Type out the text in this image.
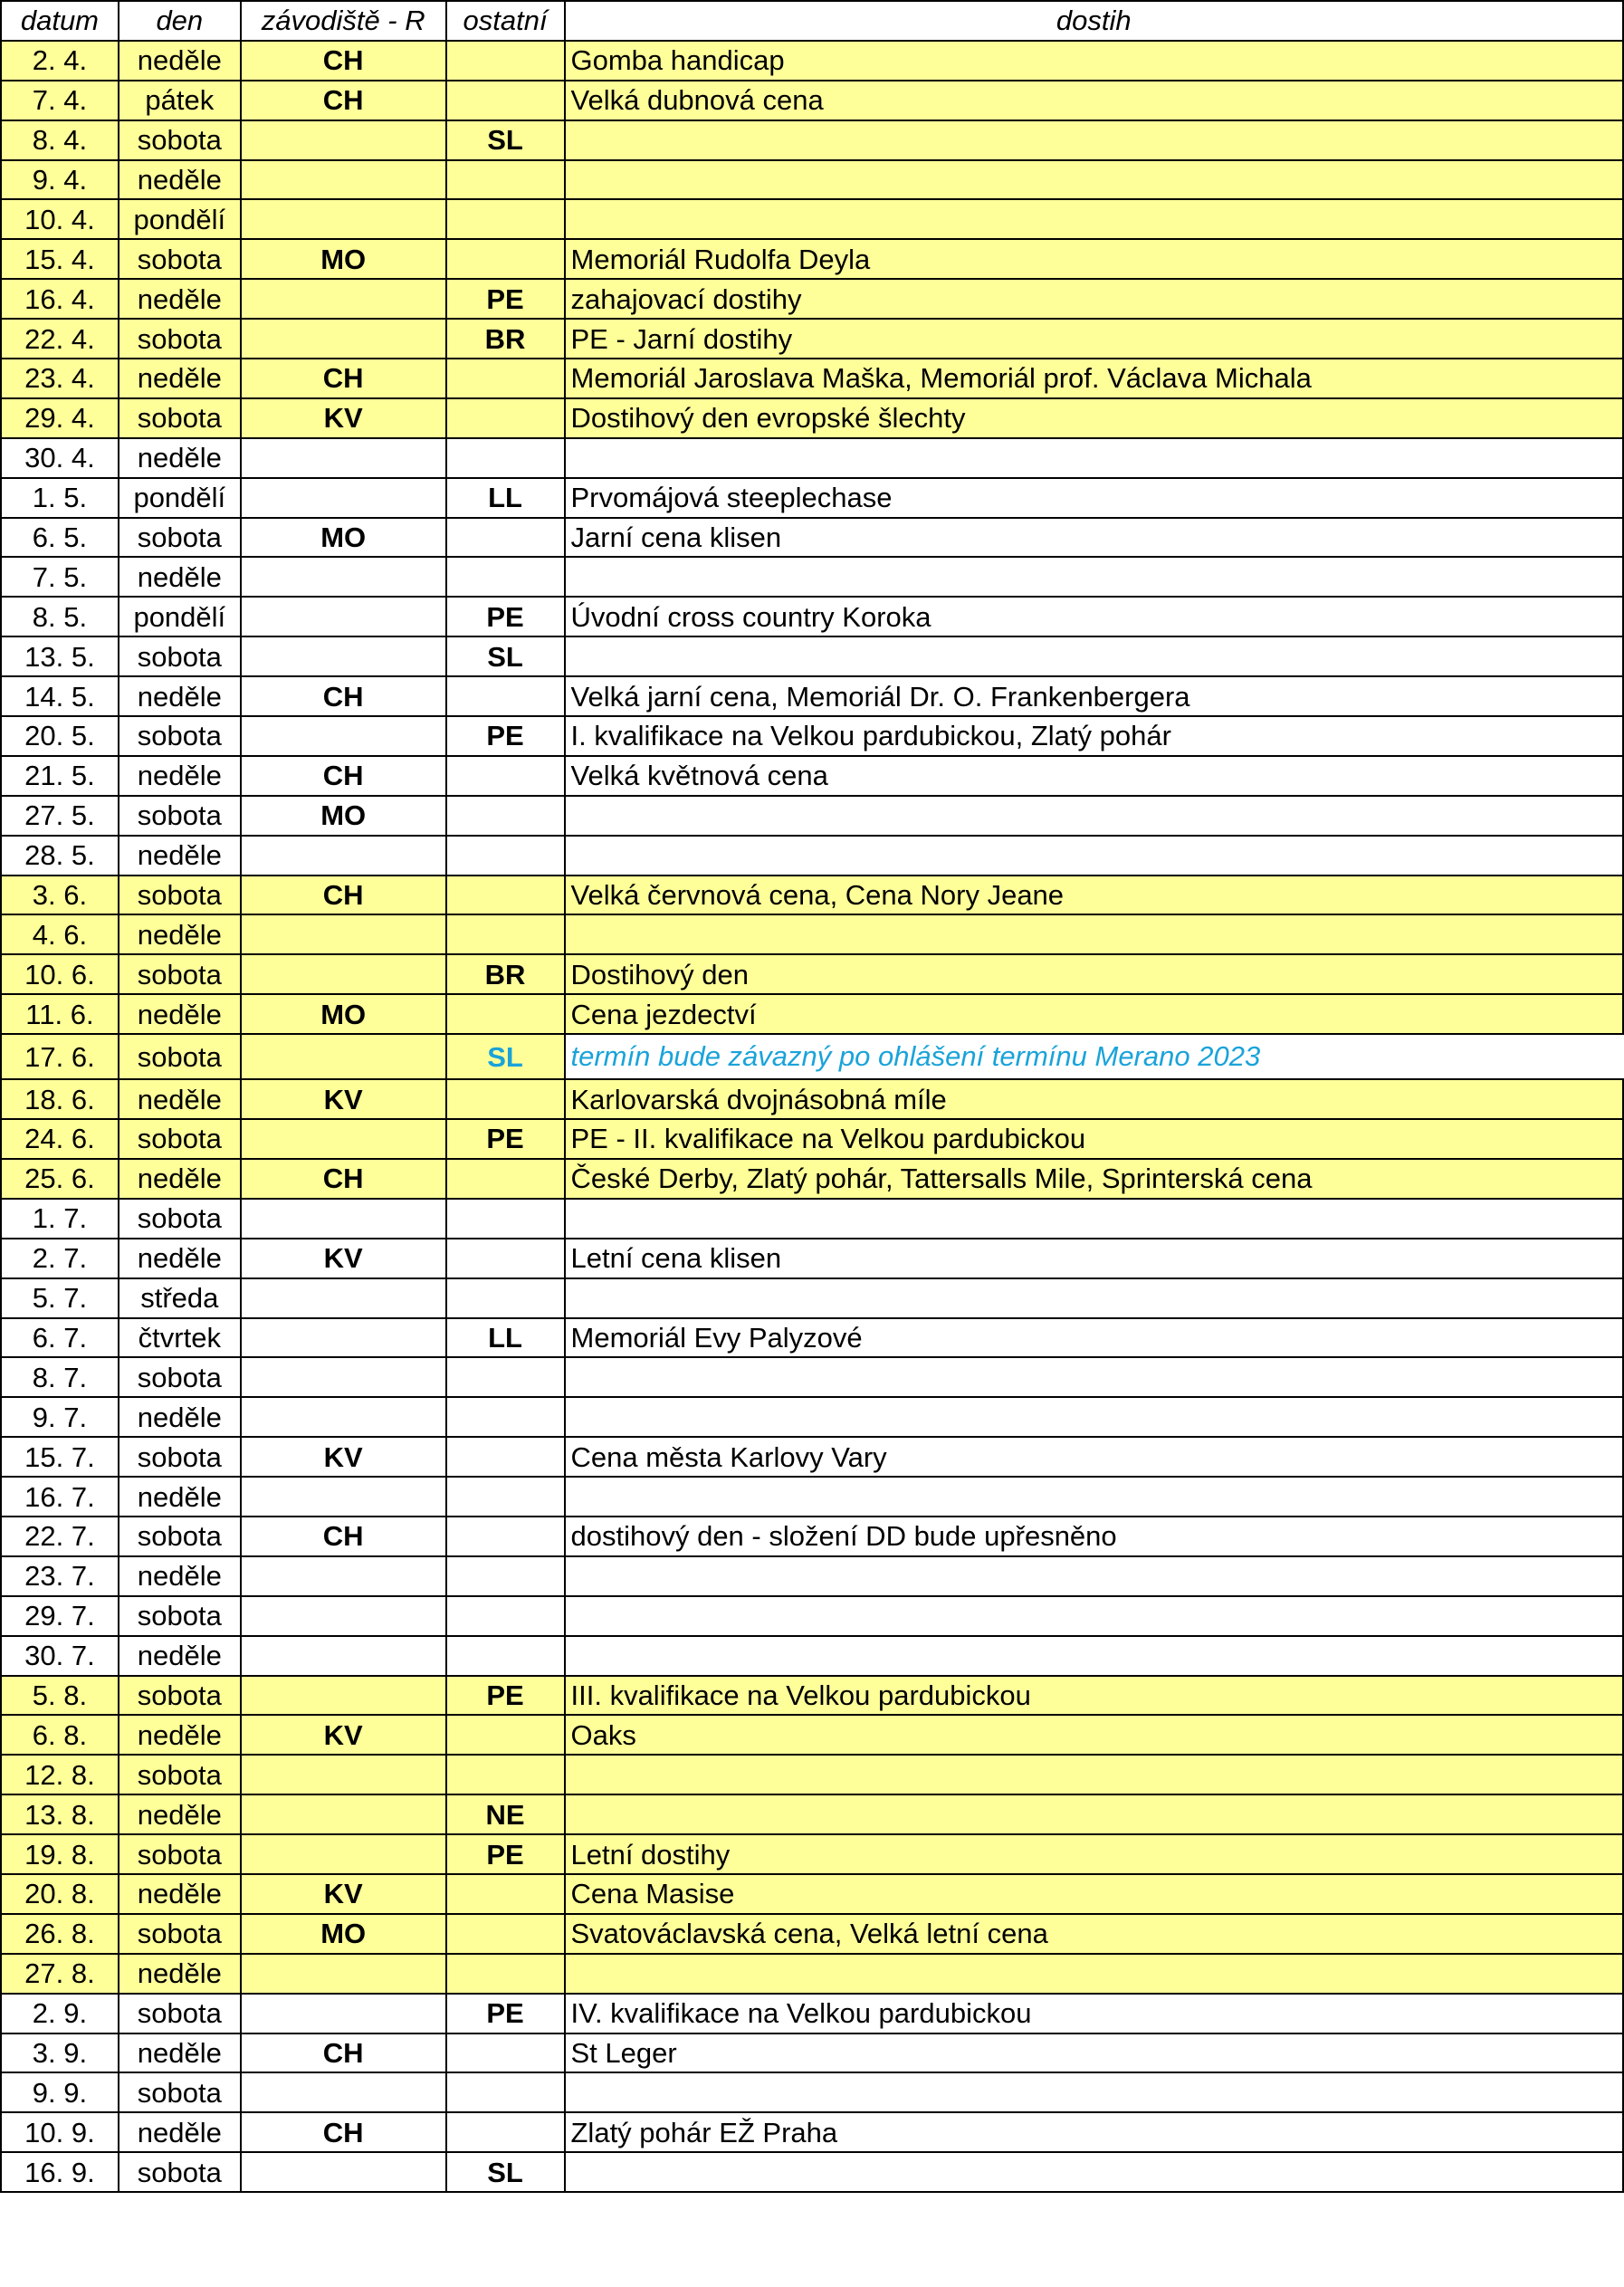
datum	den	závodiště - R	ostatní	dostih
2. 4.	neděle	CH		Gomba handicap
7. 4.	pátek	CH		Velká dubnová cena
8. 4.	sobota		SL	
9. 4.	neděle			
10. 4.	pondělí			
15. 4.	sobota	MO		Memoriál Rudolfa Deyla
16. 4.	neděle		PE	zahajovací dostihy
22. 4.	sobota		BR	PE - Jarní dostihy
23. 4.	neděle	CH		Memoriál Jaroslava Maška, Memoriál prof. Václava Michala
29. 4.	sobota	KV		Dostihový den evropské šlechty
30. 4.	neděle			
1. 5.	pondělí		LL	Prvomájová steeplechase
6. 5.	sobota	MO		Jarní cena klisen
7. 5.	neděle			
8. 5.	pondělí		PE	Úvodní cross country Koroka
13. 5.	sobota		SL	
14. 5.	neděle	CH		Velká jarní cena, Memoriál Dr. O. Frankenbergera
20. 5.	sobota		PE	I. kvalifikace na Velkou pardubickou, Zlatý pohár
21. 5.	neděle	CH		Velká květnová cena
27. 5.	sobota	MO		
28. 5.	neděle			
3. 6.	sobota	CH		Velká červnová cena, Cena Nory Jeane
4. 6.	neděle			
10. 6.	sobota		BR	Dostihový den
11. 6.	neděle	MO		Cena jezdectví
17. 6.	sobota		SL	termín bude závazný po ohlášení termínu Merano 2023
18. 6.	neděle	KV		Karlovarská dvojnásobná míle
24. 6.	sobota		PE	PE - II. kvalifikace na Velkou pardubickou
25. 6.	neděle	CH		České Derby, Zlatý pohár, Tattersalls Mile, Sprinterská cena
1. 7.	sobota			
2. 7.	neděle	KV		Letní cena klisen
5. 7.	středa			
6. 7.	čtvrtek		LL	Memoriál Evy Palyzové
8. 7.	sobota			
9. 7.	neděle			
15. 7.	sobota	KV		Cena města Karlovy Vary
16. 7.	neděle			
22. 7.	sobota	CH		dostihový den - složení DD bude upřesněno
23. 7.	neděle			
29. 7.	sobota			
30. 7.	neděle			
5. 8.	sobota		PE	III. kvalifikace na Velkou pardubickou
6. 8.	neděle	KV		Oaks
12. 8.	sobota			
13. 8.	neděle		NE	
19. 8.	sobota		PE	Letní dostihy
20. 8.	neděle	KV		Cena Masise
26. 8.	sobota	MO		Svatováclavská cena, Velká letní cena
27. 8.	neděle			
2. 9.	sobota		PE	IV. kvalifikace na Velkou pardubickou
3. 9.	neděle	CH		St Leger
9. 9.	sobota			
10. 9.	neděle	CH		Zlatý pohár EŽ Praha
16. 9.	sobota		SL	
